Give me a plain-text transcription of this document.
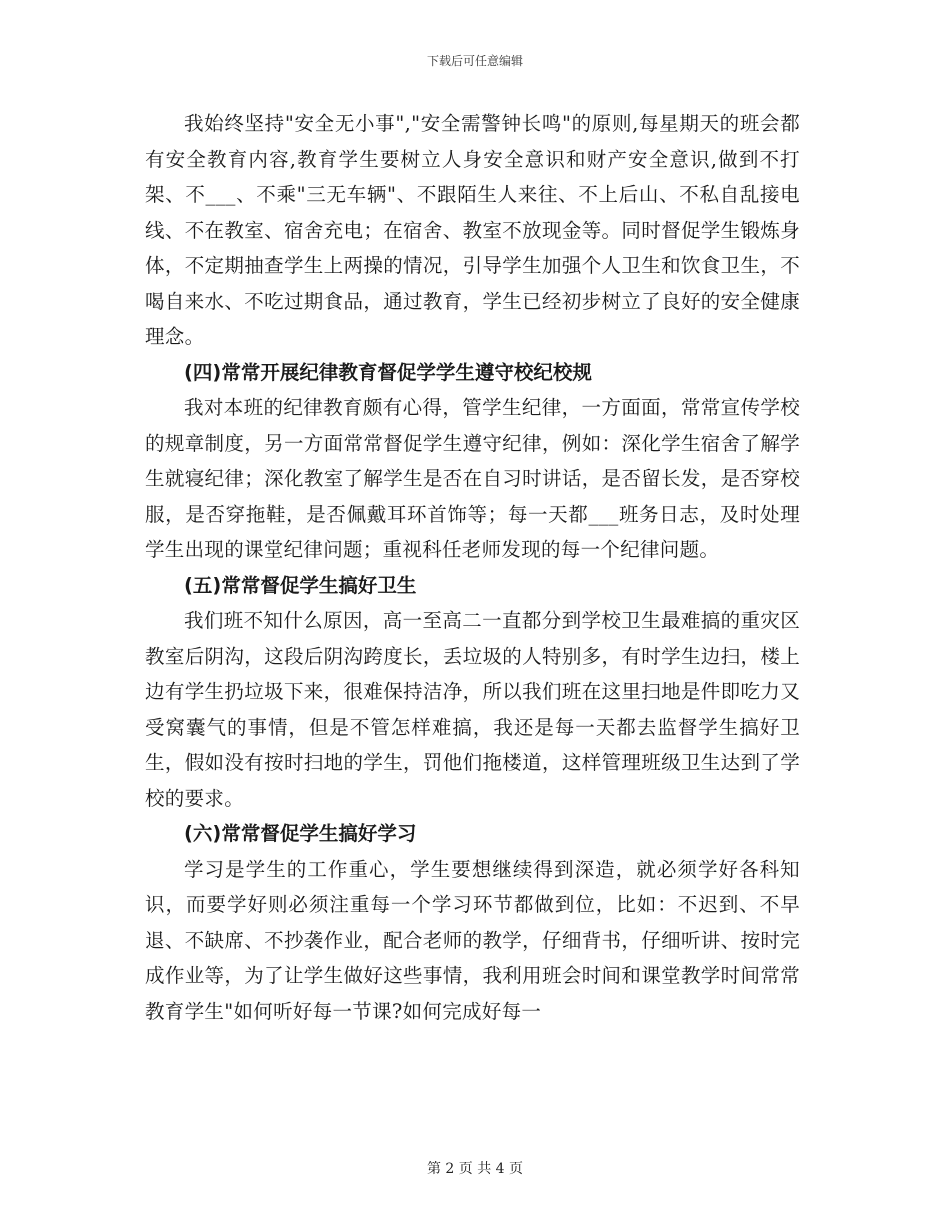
下载后可任意编辑

我始终坚持"安全无小事","安全需警钟长鸣"的原则,每星期天的班会都有安全教育内容,教育学生要树立人身安全意识和财产安全意识,做到不打架、不___、不乘"三无车辆"、不跟陌生人来往、不上后山、不私自乱接电线、不在教室、宿舍充电；在宿舍、教室不放现金等。同时督促学生锻炼身体，不定期抽查学生上两操的情况，引导学生加强个人卫生和饮食卫生，不喝自来水、不吃过期食品，通过教育，学生已经初步树立了良好的安全健康理念。

(四)常常开展纪律教育督促学学生遵守校纪校规

我对本班的纪律教育颇有心得，管学生纪律，一方面面，常常宣传学校的规章制度，另一方面常常督促学生遵守纪律，例如：深化学生宿舍了解学生就寝纪律；深化教室了解学生是否在自习时讲话，是否留长发，是否穿校服，是否穿拖鞋，是否佩戴耳环首饰等；每一天都___班务日志，及时处理学生出现的课堂纪律问题；重视科任老师发现的每一个纪律问题。

(五)常常督促学生搞好卫生

我们班不知什么原因，高一至高二一直都分到学校卫生最难搞的重灾区教室后阴沟，这段后阴沟跨度长，丢垃圾的人特别多，有时学生边扫，楼上边有学生扔垃圾下来，很难保持洁净，所以我们班在这里扫地是件即吃力又受窝囊气的事情，但是不管怎样难搞，我还是每一天都去监督学生搞好卫生，假如没有按时扫地的学生，罚他们拖楼道，这样管理班级卫生达到了学校的要求。

(六)常常督促学生搞好学习

学习是学生的工作重心，学生要想继续得到深造，就必须学好各科知识，而要学好则必须注重每一个学习环节都做到位，比如：不迟到、不早退、不缺席、不抄袭作业，配合老师的教学，仔细背书，仔细听讲、按时完成作业等，为了让学生做好这些事情，我利用班会时间和课堂教学时间常常教育学生"如何听好每一节课?如何完成好每一

第 2 页 共 4 页
